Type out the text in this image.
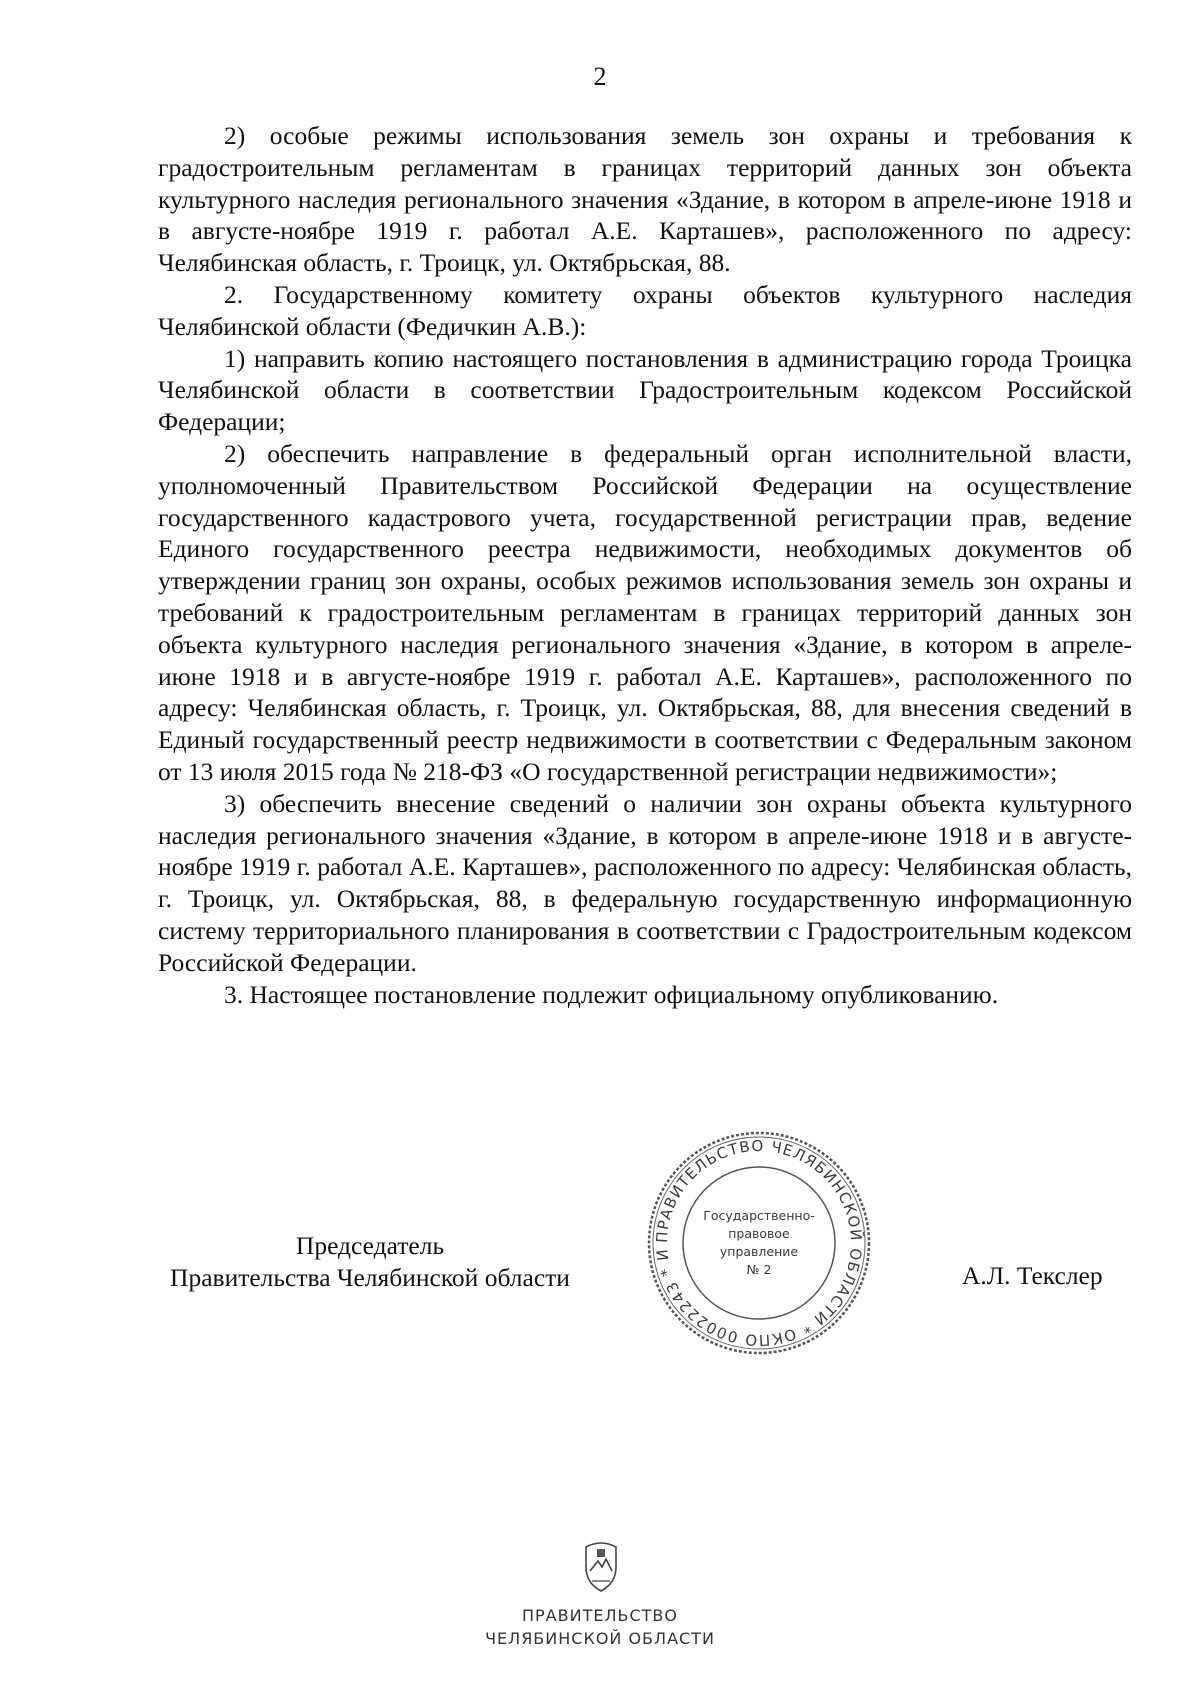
2

2) особые режимы использования земель зон охраны и требования к градостроительным регламентам в границах территорий данных зон объекта культурного наследия регионального значения «Здание, в котором в апреле-июне 1918 и в августе-ноябре 1919 г. работал А.Е. Карташев», расположенного по адресу: Челябинская область, г. Троицк, ул. Октябрьская, 88.

2. Государственному комитету охраны объектов культурного наследия Челябинской области (Федичкин А.В.):

1) направить копию настоящего постановления в администрацию города Троицка Челябинской области в соответствии Градостроительным кодексом Российской Федерации;

2) обеспечить направление в федеральный орган исполнительной власти, уполномоченный Правительством Российской Федерации на осуществление государственного кадастрового учета, государственной регистрации прав, ведение Единого государственного реестра недвижимости, необходимых документов об утверждении границ зон охраны, особых режимов использования земель зон охраны и требований к градостроительным регламентам в границах территорий данных зон объекта культурного наследия регионального значения «Здание, в котором в апреле-июне 1918 и в августе-ноябре 1919 г. работал А.Е. Карташев», расположенного по адресу: Челябинская область, г. Троицк, ул. Октябрьская, 88, для внесения сведений в Единый государственный реестр недвижимости в соответствии с Федеральным законом от 13 июля 2015 года № 218-ФЗ «О государственной регистрации недвижимости»;

3) обеспечить внесение сведений о наличии зон охраны объекта культурного наследия регионального значения «Здание, в котором в апреле-июне 1918 и в августе-ноябре 1919 г. работал А.Е. Карташев», расположенного по адресу: Челябинская область, г. Троицк, ул. Октябрьская, 88, в федеральную государственную информационную систему территориального планирования в соответствии с Градостроительным кодексом Российской Федерации.

3. Настоящее постановление подлежит официальному опубликованию.

Председатель
Правительства Челябинской области	А.Л. Текслер
ПРАВИТЕЛЬСТВО ЧЕЛЯБИНСКОЙ ОБЛАСТИ * ОКПО 00022243 * И
Государственно-
правовое
управление
№ 2
ПРАВИТЕЛЬСТВО
ЧЕЛЯБИНСКОЙ ОБЛАСТИ
